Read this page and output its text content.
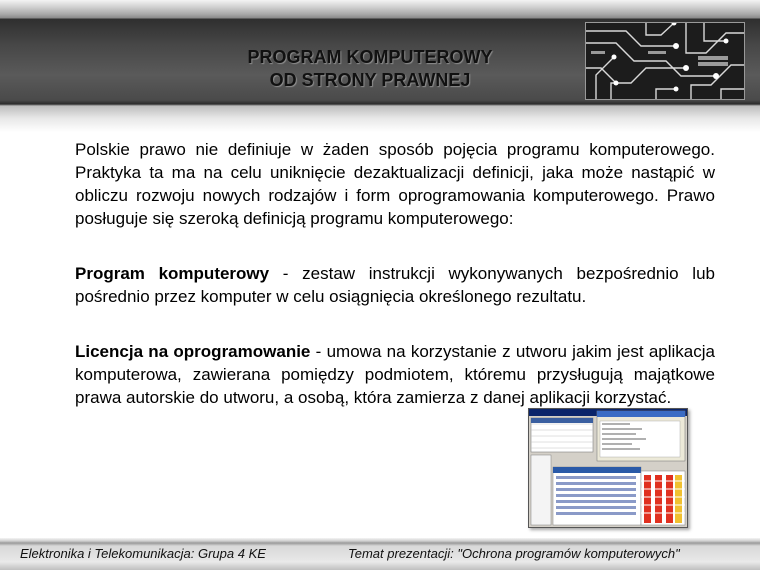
PROGRAM KOMPUTEROWY
OD STRONY PRAWNEJ

Polskie prawo nie definiuje w żaden sposób pojęcia programu komputerowego. Praktyka ta ma na celu uniknięcie dezaktualizacji definicji, jaka może nastąpić w obliczu rozwoju nowych rodzajów i form oprogramowania komputerowego. Prawo posługuje się szeroką definicją programu komputerowego:

Program komputerowy - zestaw instrukcji wykonywanych bezpośrednio lub pośrednio przez komputer w celu osiągnięcia określonego rezultatu.

Licencja na oprogramowanie - umowa na korzystanie z utworu jakim jest aplikacja komputerowa, zawierana pomiędzy podmiotem, któremu przysługują majątkowe prawa autorskie do utworu, a osobą, która zamierza z danej aplikacji korzystać.

Elektronika i Telekomunikacja: Grupa 4 KE	Temat prezentacji: "Ochrona programów komputerowych"
